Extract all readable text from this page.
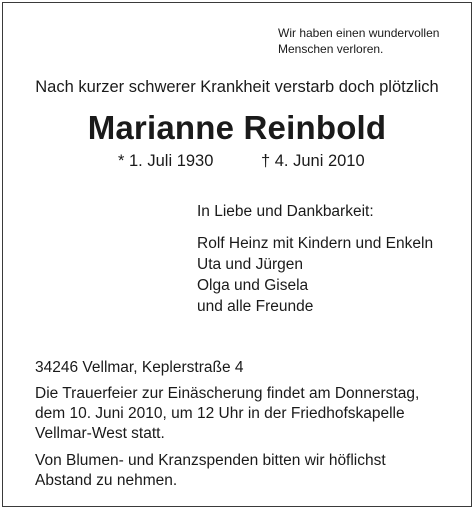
Wir haben einen wundervollen
Menschen verloren.
Nach kurzer schwerer Krankheit verstarb doch plötzlich
Marianne Reinbold
* 1. Juli 1930	† 4. Juni 2010
In Liebe und Dankbarkeit:
Rolf Heinz mit Kindern und Enkeln
Uta und Jürgen
Olga und Gisela
und alle Freunde
34246 Vellmar, Keplerstraße 4
Die Trauerfeier zur Einäscherung findet am Donnerstag,
dem 10. Juni 2010, um 12 Uhr in der Friedhofskapelle
Vellmar-West statt.
Von Blumen- und Kranzspenden bitten wir höflichst
Abstand zu nehmen.
